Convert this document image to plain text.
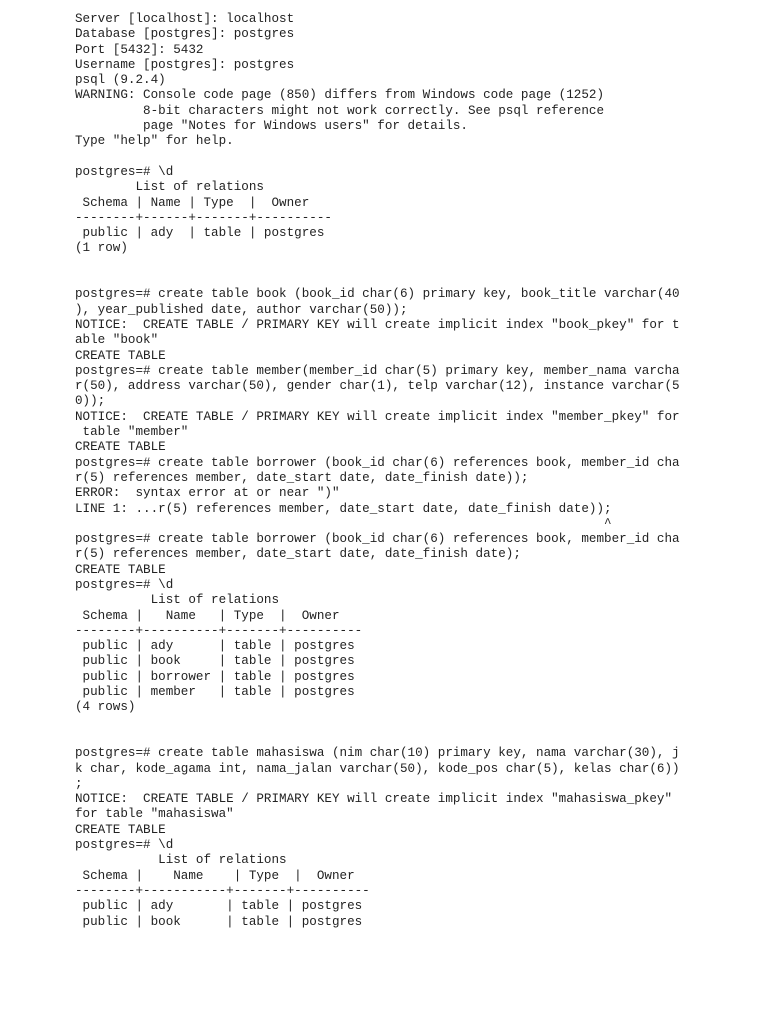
Server [localhost]: localhost
Database [postgres]: postgres
Port [5432]: 5432
Username [postgres]: postgres
psql (9.2.4)
WARNING: Console code page (850) differs from Windows code page (1252)
8-bit characters might not work correctly. See psql reference
page "Notes for Windows users" for details.
Type "help" for help.
postgres=# \d
List of relations
Schema | Name | Type  |  Owner
--------+------+-------+----------
public | ady  | table | postgres
(1 row)
postgres=# create table book (book_id char(6) primary key, book_title varchar(40
), year_published date, author varchar(50));
NOTICE:  CREATE TABLE / PRIMARY KEY will create implicit index "book_pkey" for t
able "book"
CREATE TABLE
postgres=# create table member(member_id char(5) primary key, member_nama varcha
r(50), address varchar(50), gender char(1), telp varchar(12), instance varchar(5
0));
NOTICE:  CREATE TABLE / PRIMARY KEY will create implicit index "member_pkey" for
table "member"
CREATE TABLE
postgres=# create table borrower (book_id char(6) references book, member_id cha
r(5) references member, date_start date, date_finish date));
ERROR:  syntax error at or near ")"
LINE 1: ...r(5) references member, date_start date, date_finish date));
^
postgres=# create table borrower (book_id char(6) references book, member_id cha
r(5) references member, date_start date, date_finish date);
CREATE TABLE
postgres=# \d
List of relations
Schema |   Name   | Type  |  Owner
--------+----------+-------+----------
public | ady      | table | postgres
public | book     | table | postgres
public | borrower | table | postgres
public | member   | table | postgres
(4 rows)
postgres=# create table mahasiswa (nim char(10) primary key, nama varchar(30), j
k char, kode_agama int, nama_jalan varchar(50), kode_pos char(5), kelas char(6))
;
NOTICE:  CREATE TABLE / PRIMARY KEY will create implicit index "mahasiswa_pkey"
for table "mahasiswa"
CREATE TABLE
postgres=# \d
List of relations
Schema |    Name    | Type  |  Owner
--------+-----------+-------+----------
public | ady       | table | postgres
public | book      | table | postgres
